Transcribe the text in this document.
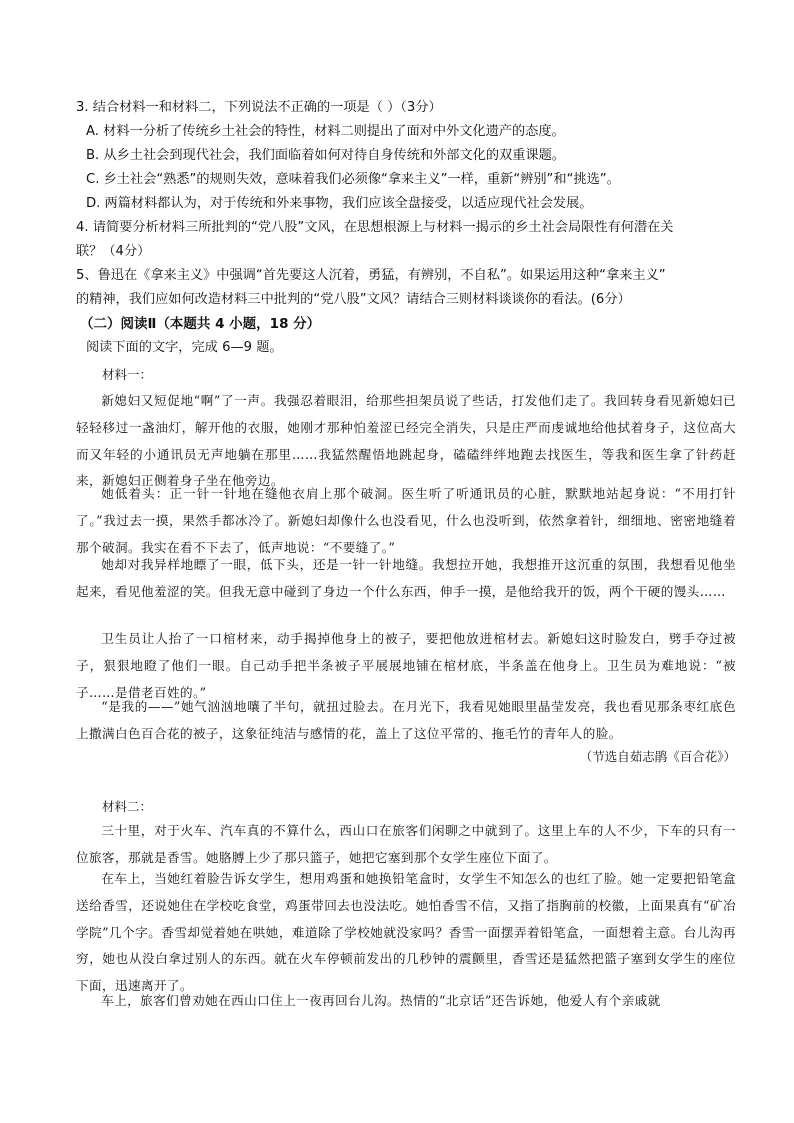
3. 结合材料一和材料二，下列说法不正确的一项是（ ）（3分）
A. 材料一分析了传统乡土社会的特性，材料二则提出了面对中外文化遗产的态度。
B. 从乡土社会到现代社会，我们面临着如何对待自身传统和外部文化的双重课题。
C. 乡土社会“熟悉”的规则失效，意味着我们必须像“拿来主义”一样，重新“辨别”和“挑选”。
D. 两篇材料都认为，对于传统和外来事物，我们应该全盘接受，以适应现代社会发展。
4. 请简要分析材料三所批判的“党八股”文风，在思想根源上与材料一揭示的乡土社会局限性有何潜在关
联？（4分）
5、鲁迅在《拿来主义》中强调“首先要这人沉着，勇猛，有辨别，不自私”。如果运用这种“拿来主义”
的精神，我们应如何改造材料三中批判的“党八股”文风？请结合三则材料谈谈你的看法。(6分）
（二）阅读Ⅱ（本题共 4 小题，18 分）
阅读下面的文字，完成 6—9 题。
材料一：

新媳妇又短促地“啊”了一声。我强忍着眼泪，给那些担架员说了些话，打发他们走了。我回转身看见新媳妇已轻轻移过一盏油灯，解开他的衣服，她刚才那种怕羞涩已经完全消失，只是庄严而虔诚地给他拭着身子，这位高大而又年轻的小通讯员无声地躺在那里……我猛然醒悟地跳起身，磕磕绊绊地跑去找医生，等我和医生拿了针药赶来，新媳妇正侧着身子坐在他旁边。

她低着头：正一针一针地在缝他衣肩上那个破洞。医生听了听通讯员的心脏，默默地站起身说：“不用打针了。”我过去一摸，果然手都冰冷了。新媳妇却像什么也没看见，什么也没听到，依然拿着针，细细地、密密地缝着那个破洞。我实在看不下去了，低声地说：“不要缝了。”

她却对我异样地瞟了一眼，低下头，还是一针一针地缝。我想拉开她，我想推开这沉重的氛围，我想看见他坐起来，看见他羞涩的笑。但我无意中碰到了身边一个什么东西，伸手一摸，是他给我开的饭，两个干硬的馒头……

卫生员让人抬了一口棺材来，动手揭掉他身上的被子，要把他放进棺材去。新媳妇这时脸发白，劈手夺过被子，狠狠地瞪了他们一眼。自己动手把半条被子平展展地铺在棺材底，半条盖在他身上。卫生员为难地说：“被子……是借老百姓的。”

“是我的——”她气汹汹地嚷了半句，就扭过脸去。在月光下，我看见她眼里晶莹发亮，我也看见那条枣红底色上撒满白色百合花的被子，这象征纯洁与感情的花，盖上了这位平常的、拖毛竹的青年人的脸。

（节选自茹志鹃《百合花》）
材料二：

三十里，对于火车、汽车真的不算什么，西山口在旅客们闲聊之中就到了。这里上车的人不少，下车的只有一位旅客，那就是香雪。她胳膊上少了那只篮子，她把它塞到那个女学生座位下面了。

在车上，当她红着脸告诉女学生，想用鸡蛋和她换铅笔盒时，女学生不知怎么的也红了脸。她一定要把铅笔盒送给香雪，还说她住在学校吃食堂，鸡蛋带回去也没法吃。她怕香雪不信，又指了指胸前的校徽，上面果真有“矿冶学院”几个字。香雪却觉着她在哄她，难道除了学校她就没家吗？香雪一面摆弄着铅笔盒，一面想着主意。台儿沟再穷，她也从没白拿过别人的东西。就在火车停顿前发出的几秒钟的震颤里，香雪还是猛然把篮子塞到女学生的座位下面，迅速离开了。

车上，旅客们曾劝她在西山口住上一夜再回台儿沟。热情的“北京话”还告诉她，他爱人有个亲戚就
